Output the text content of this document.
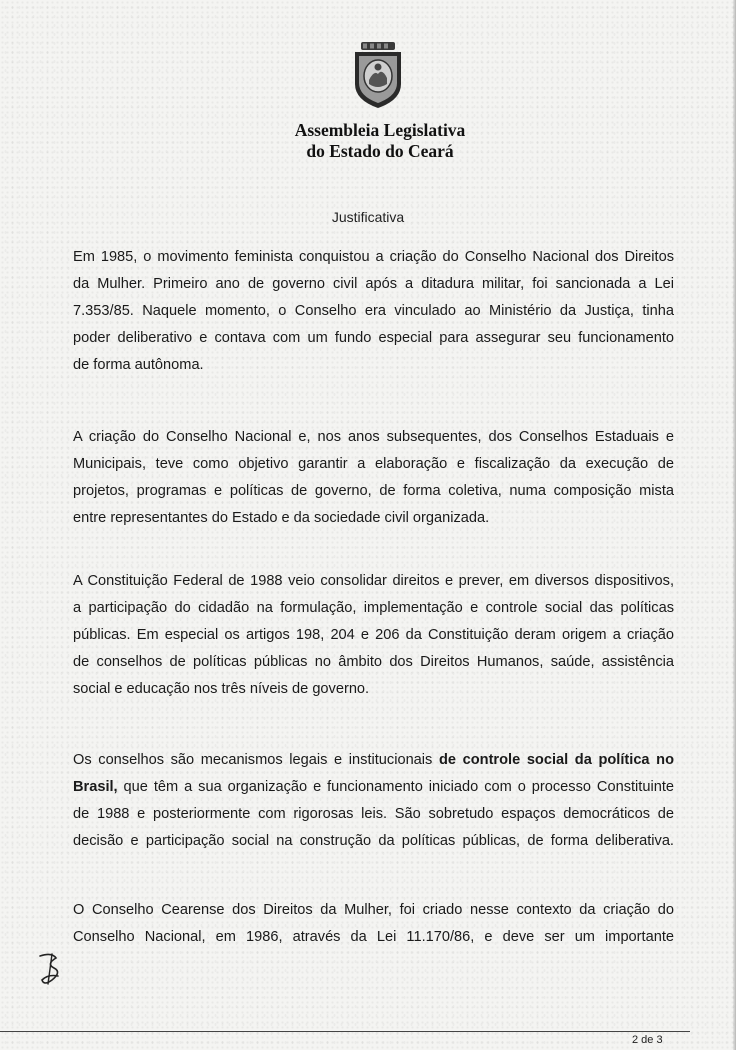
Assembleia Legislativa
do Estado do Ceará
Justificativa
Em 1985, o movimento feminista conquistou a criação do Conselho Nacional dos Direitos
da Mulher. Primeiro ano de governo civil após a ditadura militar, foi sancionada a Lei
7.353/85. Naquele momento, o Conselho era vinculado ao Ministério da Justiça, tinha
poder deliberativo e contava com um fundo especial para assegurar seu funcionamento
de forma autônoma.
A criação do Conselho Nacional e, nos anos subsequentes, dos Conselhos Estaduais e
Municipais, teve como objetivo garantir a elaboração e fiscalização da execução de
projetos, programas e políticas de governo, de forma coletiva, numa composição mista
entre representantes do Estado e da sociedade civil organizada.
A Constituição Federal de 1988 veio consolidar direitos e prever, em diversos dispositivos,
a participação do cidadão na formulação, implementação e controle social das políticas
públicas. Em especial os artigos 198, 204 e 206 da Constituição deram origem a criação
de conselhos de políticas públicas no âmbito dos Direitos Humanos, saúde, assistência
social e educação nos três níveis de governo.
Os conselhos são mecanismos legais e institucionais de controle social da política no
Brasil, que têm a sua organização e funcionamento iniciado com o processo Constituinte
de 1988 e posteriormente com rigorosas leis. São sobretudo espaços democráticos de
decisão e participação social na construção da políticas públicas, de forma deliberativa.
O Conselho Cearense dos Direitos da Mulher, foi criado nesse contexto da criação do
Conselho Nacional, em 1986, através da Lei 11.170/86, e deve ser um importante
2 de 3
